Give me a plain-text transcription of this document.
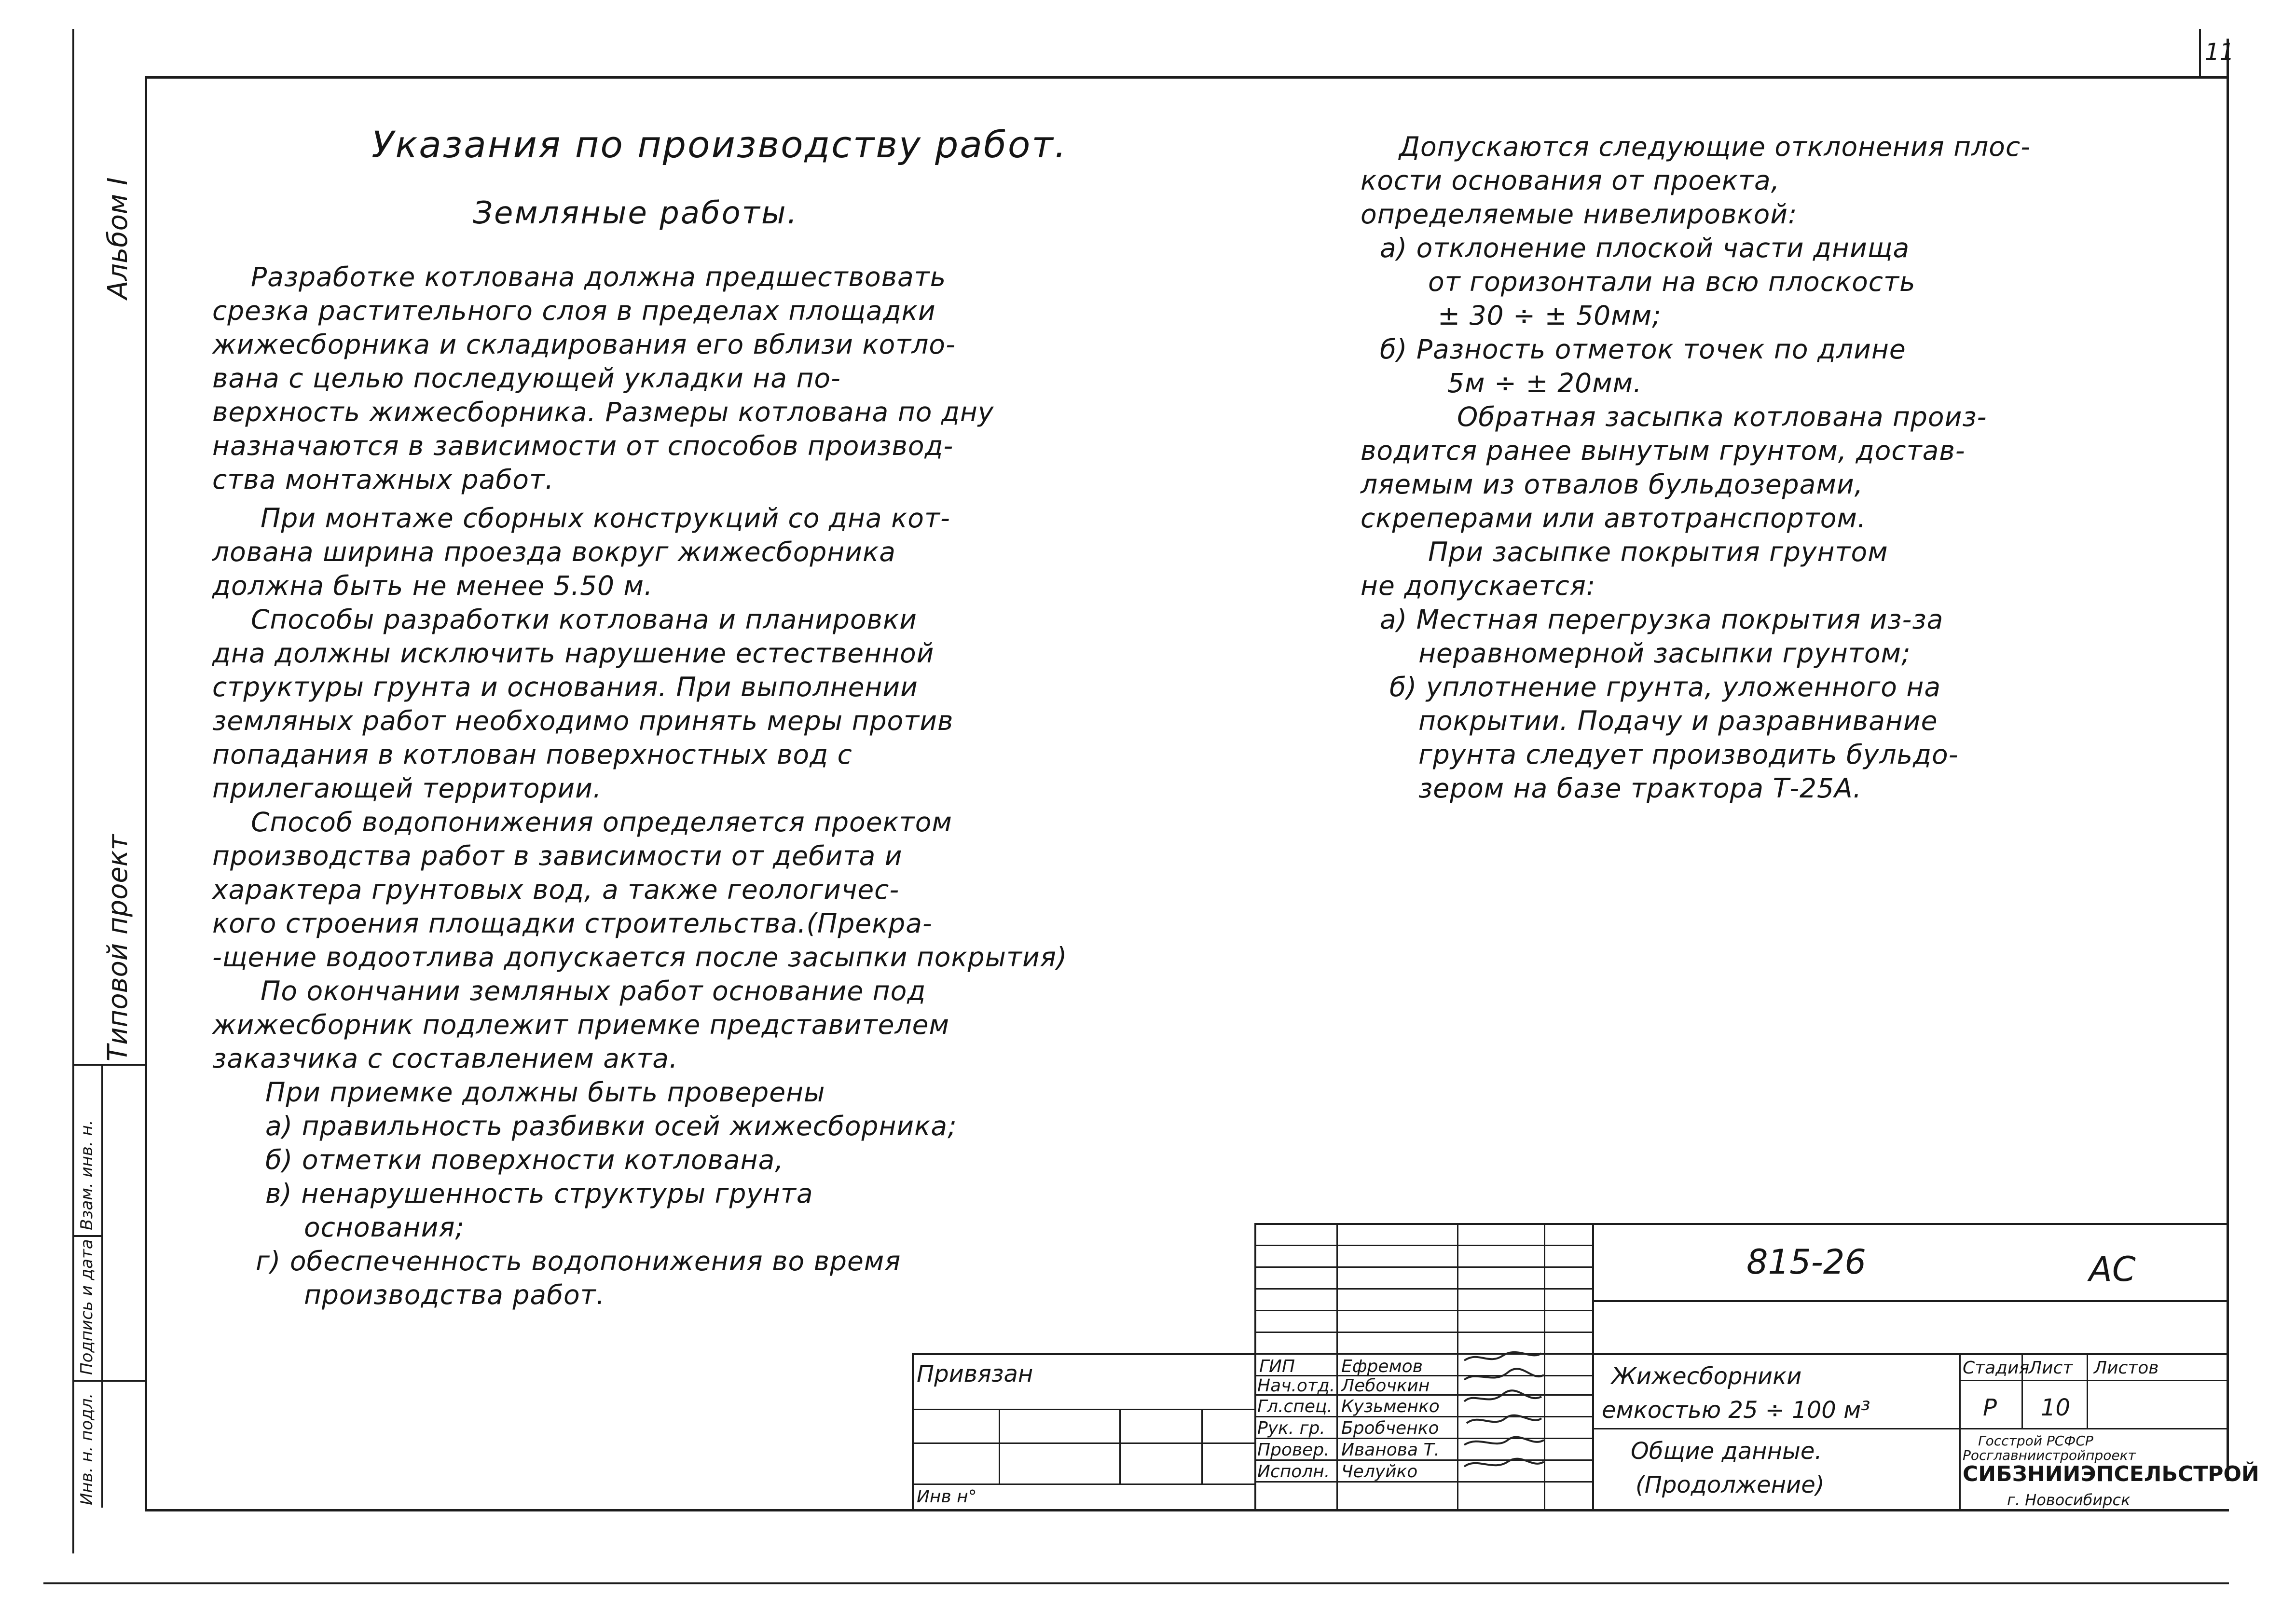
11
Альбом I
Типовой проект
Инв. н. подл.
Подпись и дата
Взам. инв. н.
Указания по производству работ.
Земляные работы.
Разработке котлована должна предшествовать
срезка растительного слоя в пределах площадки
жижесборника и складирования его вблизи котло-
вана с целью последующей укладки на по-
верхность жижесборника. Размеры котлована по дну
назначаются в зависимости от способов производ-
ства монтажных работ.
При монтаже сборных конструкций со дна кот-
лована ширина проезда вокруг жижесборника
должна быть не менее 5.50 м.
Способы разработки котлована и планировки
дна должны исключить нарушение естественной
структуры грунта и основания. При выполнении
земляных работ необходимо принять меры против
попадания в котлован поверхностных вод с
прилегающей территории.
Способ водопонижения определяется проектом
производства работ в зависимости от дебита и
характера грунтовых вод, а также геологичес-
кого строения площадки строительства.(Прекра-
-щение водоотлива допускается после засыпки покрытия)
По окончании земляных работ основание под
жижесборник подлежит приемке представителем
заказчика с составлением акта.
При приемке должны быть проверены
а) правильность разбивки осей жижесборника;
б) отметки поверхности котлована,
в) ненарушенность структуры грунта
основания;
г) обеспеченность водопонижения во время
производства работ.
Допускаются следующие отклонения плос-
кости основания от проекта,
определяемые нивелировкой:
а) отклонение плоской части днища
от горизонтали на всю плоскость
± 30 ÷ ± 50мм;
б) Разность отметок точек по длине
5м ÷ ± 20мм.
Обратная засыпка котлована произ-
водится ранее вынутым грунтом, достав-
ляемым из отвалов бульдозерами,
скреперами или автотранспортом.
При засыпке покрытия грунтом
не допускается:
а) Местная перегрузка покрытия из-за
неравномерной засыпки грунтом;
б) уплотнение грунта, уложенного на
покрытии. Подачу и разравнивание
грунта следует производить бульдо-
зером на базе трактора Т-25А.
Привязан
Инв н°
ГИП	Ефремов
Нач.отд. Лебочкин
Гл.спец. Кузьменко
Рук. гр. Бробченко
Провер. Иванова Т.
Исполн. Челуйко
815-26	АС
Жижесборники
емкостью 25 ÷ 100 м³
Общие данные.
(Продолжение)
Стадия
Лист Листов
Р 10
Госстрой РСФСР
Росглавниистройпроект
СИБЗНИИЭПСЕЛЬСТРОЙ
г. Новосибирск
